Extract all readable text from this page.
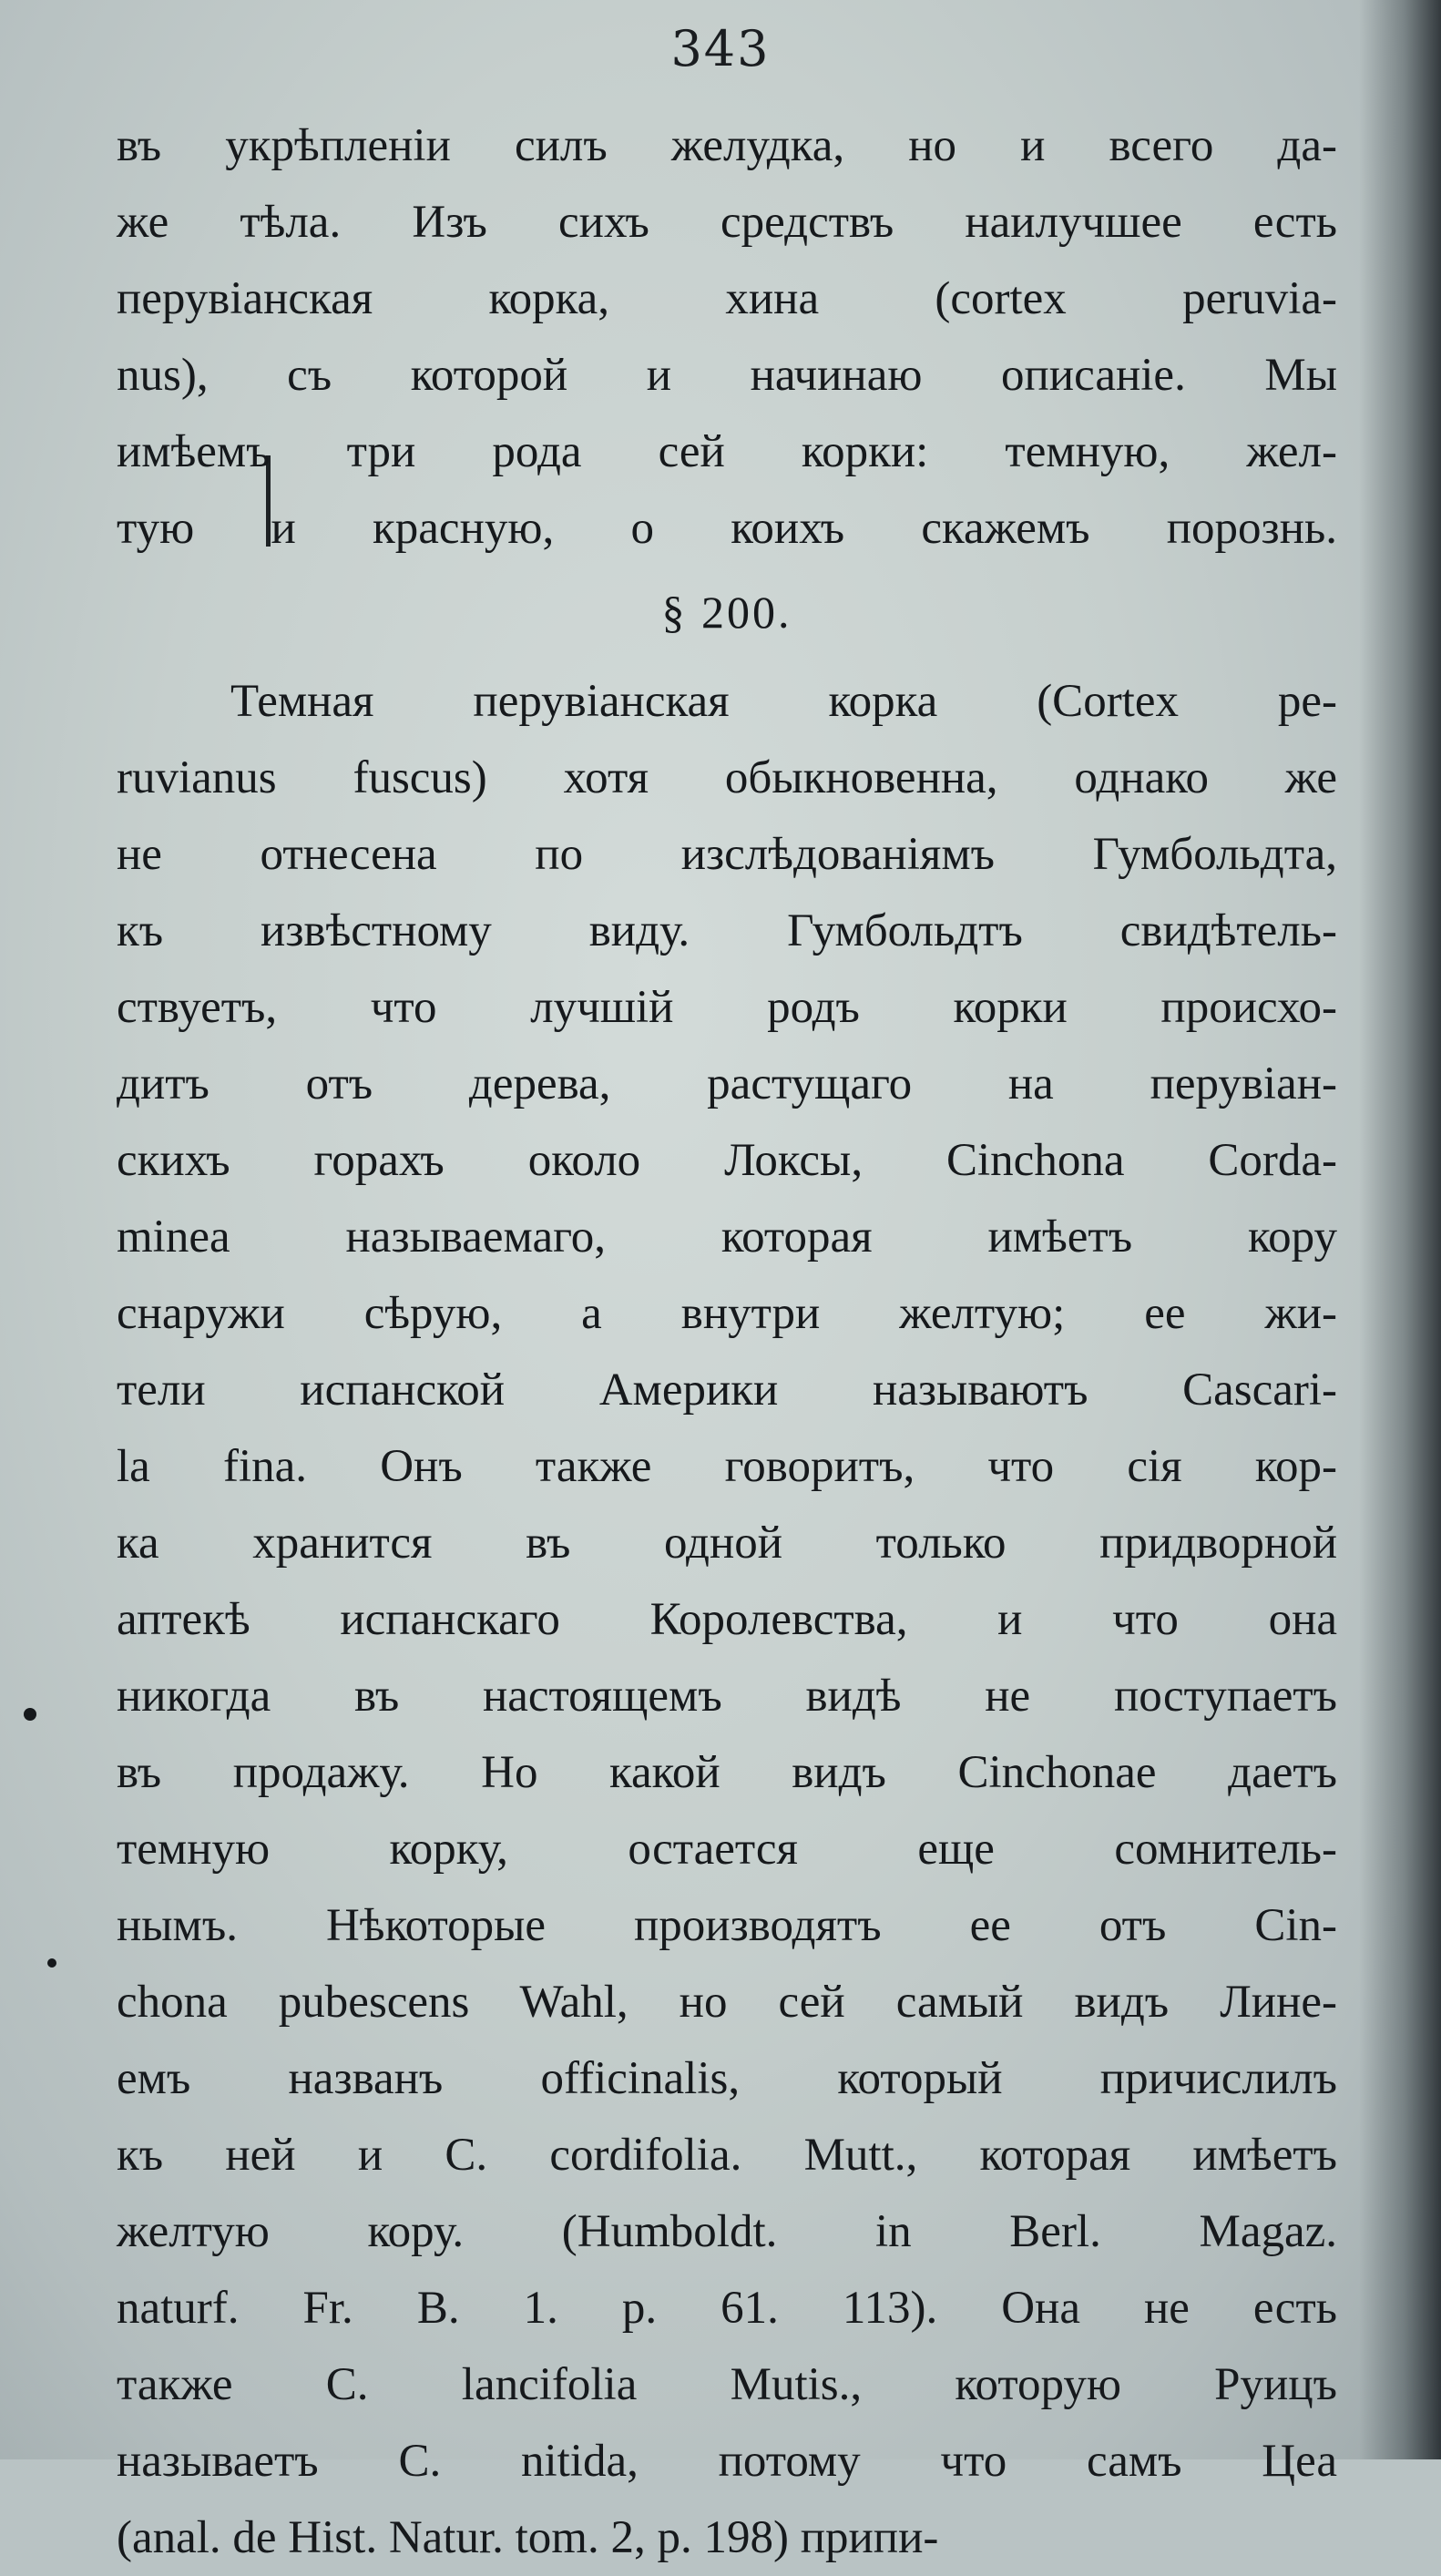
343
въ укрѣпленіи силъ желудка, но и всего да-
же тѣла. Изъ сихъ средствъ наилучшее есть
перувіанская корка, хина (cortex peruvia-
nus), съ которой и начинаю описаніе. Мы
имѣемъ три рода сей корки: темную, жел-
тую и красную, о коихъ скажемъ порознь.
§ 200.
Темная перувіанская корка (Cortex pe-
ruvianus fuscus) хотя обыкновенна, однако же
не отнесена по изслѣдованіямъ Гумбольдта,
къ извѣстному виду. Гумбольдтъ свидѣтель-
ствуетъ, что лучшій родъ корки происхо-
дитъ отъ дерева, растущаго на перувіан-
скихъ горахъ около Локсы, Cinchona Corda-
minea называемаго, которая имѣетъ кору
снаружи сѣрую, а внутри желтую; ее жи-
тели испанской Америки называютъ Cascari-
la fina. Онъ также говоритъ, что сія кор-
ка хранится въ одной только придворной
аптекѣ испанскаго Королевства, и что она
никогда въ настоящемъ видѣ не поступаетъ
въ продажу. Но какой видъ Cinchonae даетъ
темную корку, остается еще сомнитель-
нымъ. Нѣкоторые производятъ ее отъ Cin-
chona pubescens Wahl, но сей самый видъ Лине-
емъ названъ officinalis, который причислилъ
къ ней и C. cordifolia. Mutt., которая имѣетъ
желтую кору. (Humboldt. in Berl. Magaz.
naturf. Fr. B. 1. p. 61. 113). Она не есть
также C. lancifolia Mutis., которую Руицъ
называетъ C. nitida, потому что самъ Цеа
(anal. de Hist. Natur. tom. 2, p. 198) припи-
